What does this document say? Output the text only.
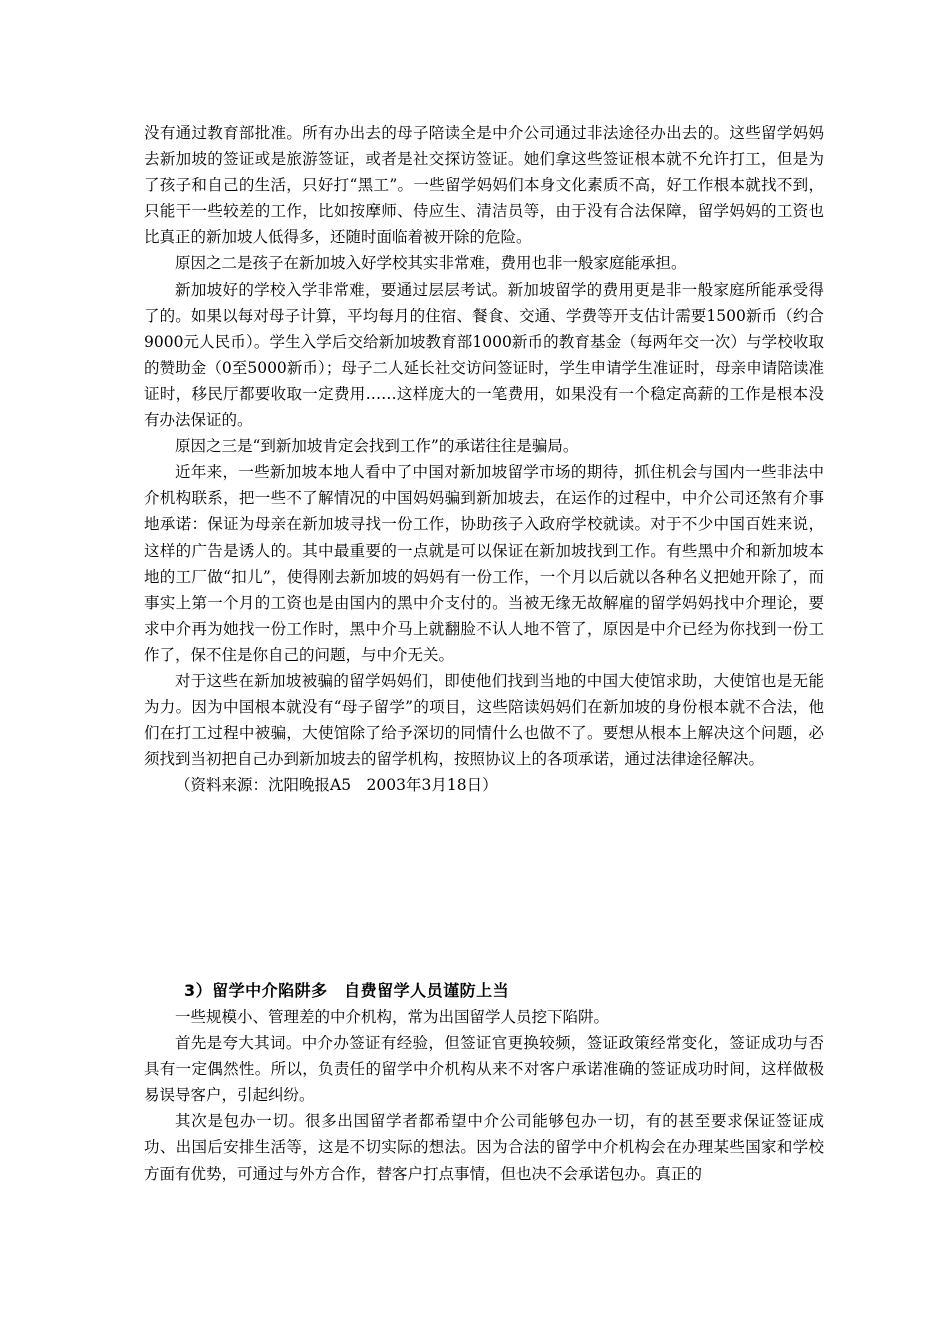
没有通过教育部批准。所有办出去的母子陪读全是中介公司通过非法途径办出去的。这些留学妈妈去新加坡的签证或是旅游签证，或者是社交探访签证。她们拿这些签证根本就不允许打工，但是为了孩子和自己的生活，只好打“黑工”。一些留学妈妈们本身文化素质不高，好工作根本就找不到，只能干一些较差的工作，比如按摩师、侍应生、清洁员等，由于没有合法保障，留学妈妈的工资也比真正的新加坡人低得多，还随时面临着被开除的危险。

原因之二是孩子在新加坡入好学校其实非常难，费用也非一般家庭能承担。

新加坡好的学校入学非常难，要通过层层考试。新加坡留学的费用更是非一般家庭所能承受得了的。如果以每对母子计算，平均每月的住宿、餐食、交通、学费等开支估计需要1500新币（约合9000元人民币）。学生入学后交给新加坡教育部1000新币的教育基金（每两年交一次）与学校收取的赞助金（0至5000新币）；母子二人延长社交访问签证时，学生申请学生准证时，母亲申请陪读准证时，移民厅都要收取一定费用……这样庞大的一笔费用，如果没有一个稳定高薪的工作是根本没有办法保证的。

原因之三是“到新加坡肯定会找到工作”的承诺往往是骗局。

近年来，一些新加坡本地人看中了中国对新加坡留学市场的期待，抓住机会与国内一些非法中介机构联系，把一些不了解情况的中国妈妈骗到新加坡去，在运作的过程中，中介公司还煞有介事地承诺：保证为母亲在新加坡寻找一份工作，协助孩子入政府学校就读。对于不少中国百姓来说，这样的广告是诱人的。其中最重要的一点就是可以保证在新加坡找到工作。有些黑中介和新加坡本地的工厂做“扣儿”，使得刚去新加坡的妈妈有一份工作，一个月以后就以各种名义把她开除了，而事实上第一个月的工资也是由国内的黑中介支付的。当被无缘无故解雇的留学妈妈找中介理论，要求中介再为她找一份工作时，黑中介马上就翻脸不认人地不管了，原因是中介已经为你找到一份工作了，保不住是你自己的问题，与中介无关。

对于这些在新加坡被骗的留学妈妈们，即使他们找到当地的中国大使馆求助，大使馆也是无能为力。因为中国根本就没有“母子留学”的项目，这些陪读妈妈们在新加坡的身份根本就不合法，他们在打工过程中被骗，大使馆除了给予深切的同情什么也做不了。要想从根本上解决这个问题，必须找到当初把自己办到新加坡去的留学机构，按照协议上的各项承诺，通过法律途径解决。

（资料来源：沈阳晚报A5　2003年3月18日）

3）留学中介陷阱多　自费留学人员谨防上当

一些规模小、管理差的中介机构，常为出国留学人员挖下陷阱。

首先是夸大其词。中介办签证有经验，但签证官更换较频，签证政策经常变化，签证成功与否具有一定偶然性。所以，负责任的留学中介机构从来不对客户承诺准确的签证成功时间，这样做极易误导客户，引起纠纷。

其次是包办一切。很多出国留学者都希望中介公司能够包办一切，有的甚至要求保证签证成功、出国后安排生活等，这是不切实际的想法。因为合法的留学中介机构会在办理某些国家和学校方面有优势，可通过与外方合作，替客户打点事情，但也决不会承诺包办。真正的
